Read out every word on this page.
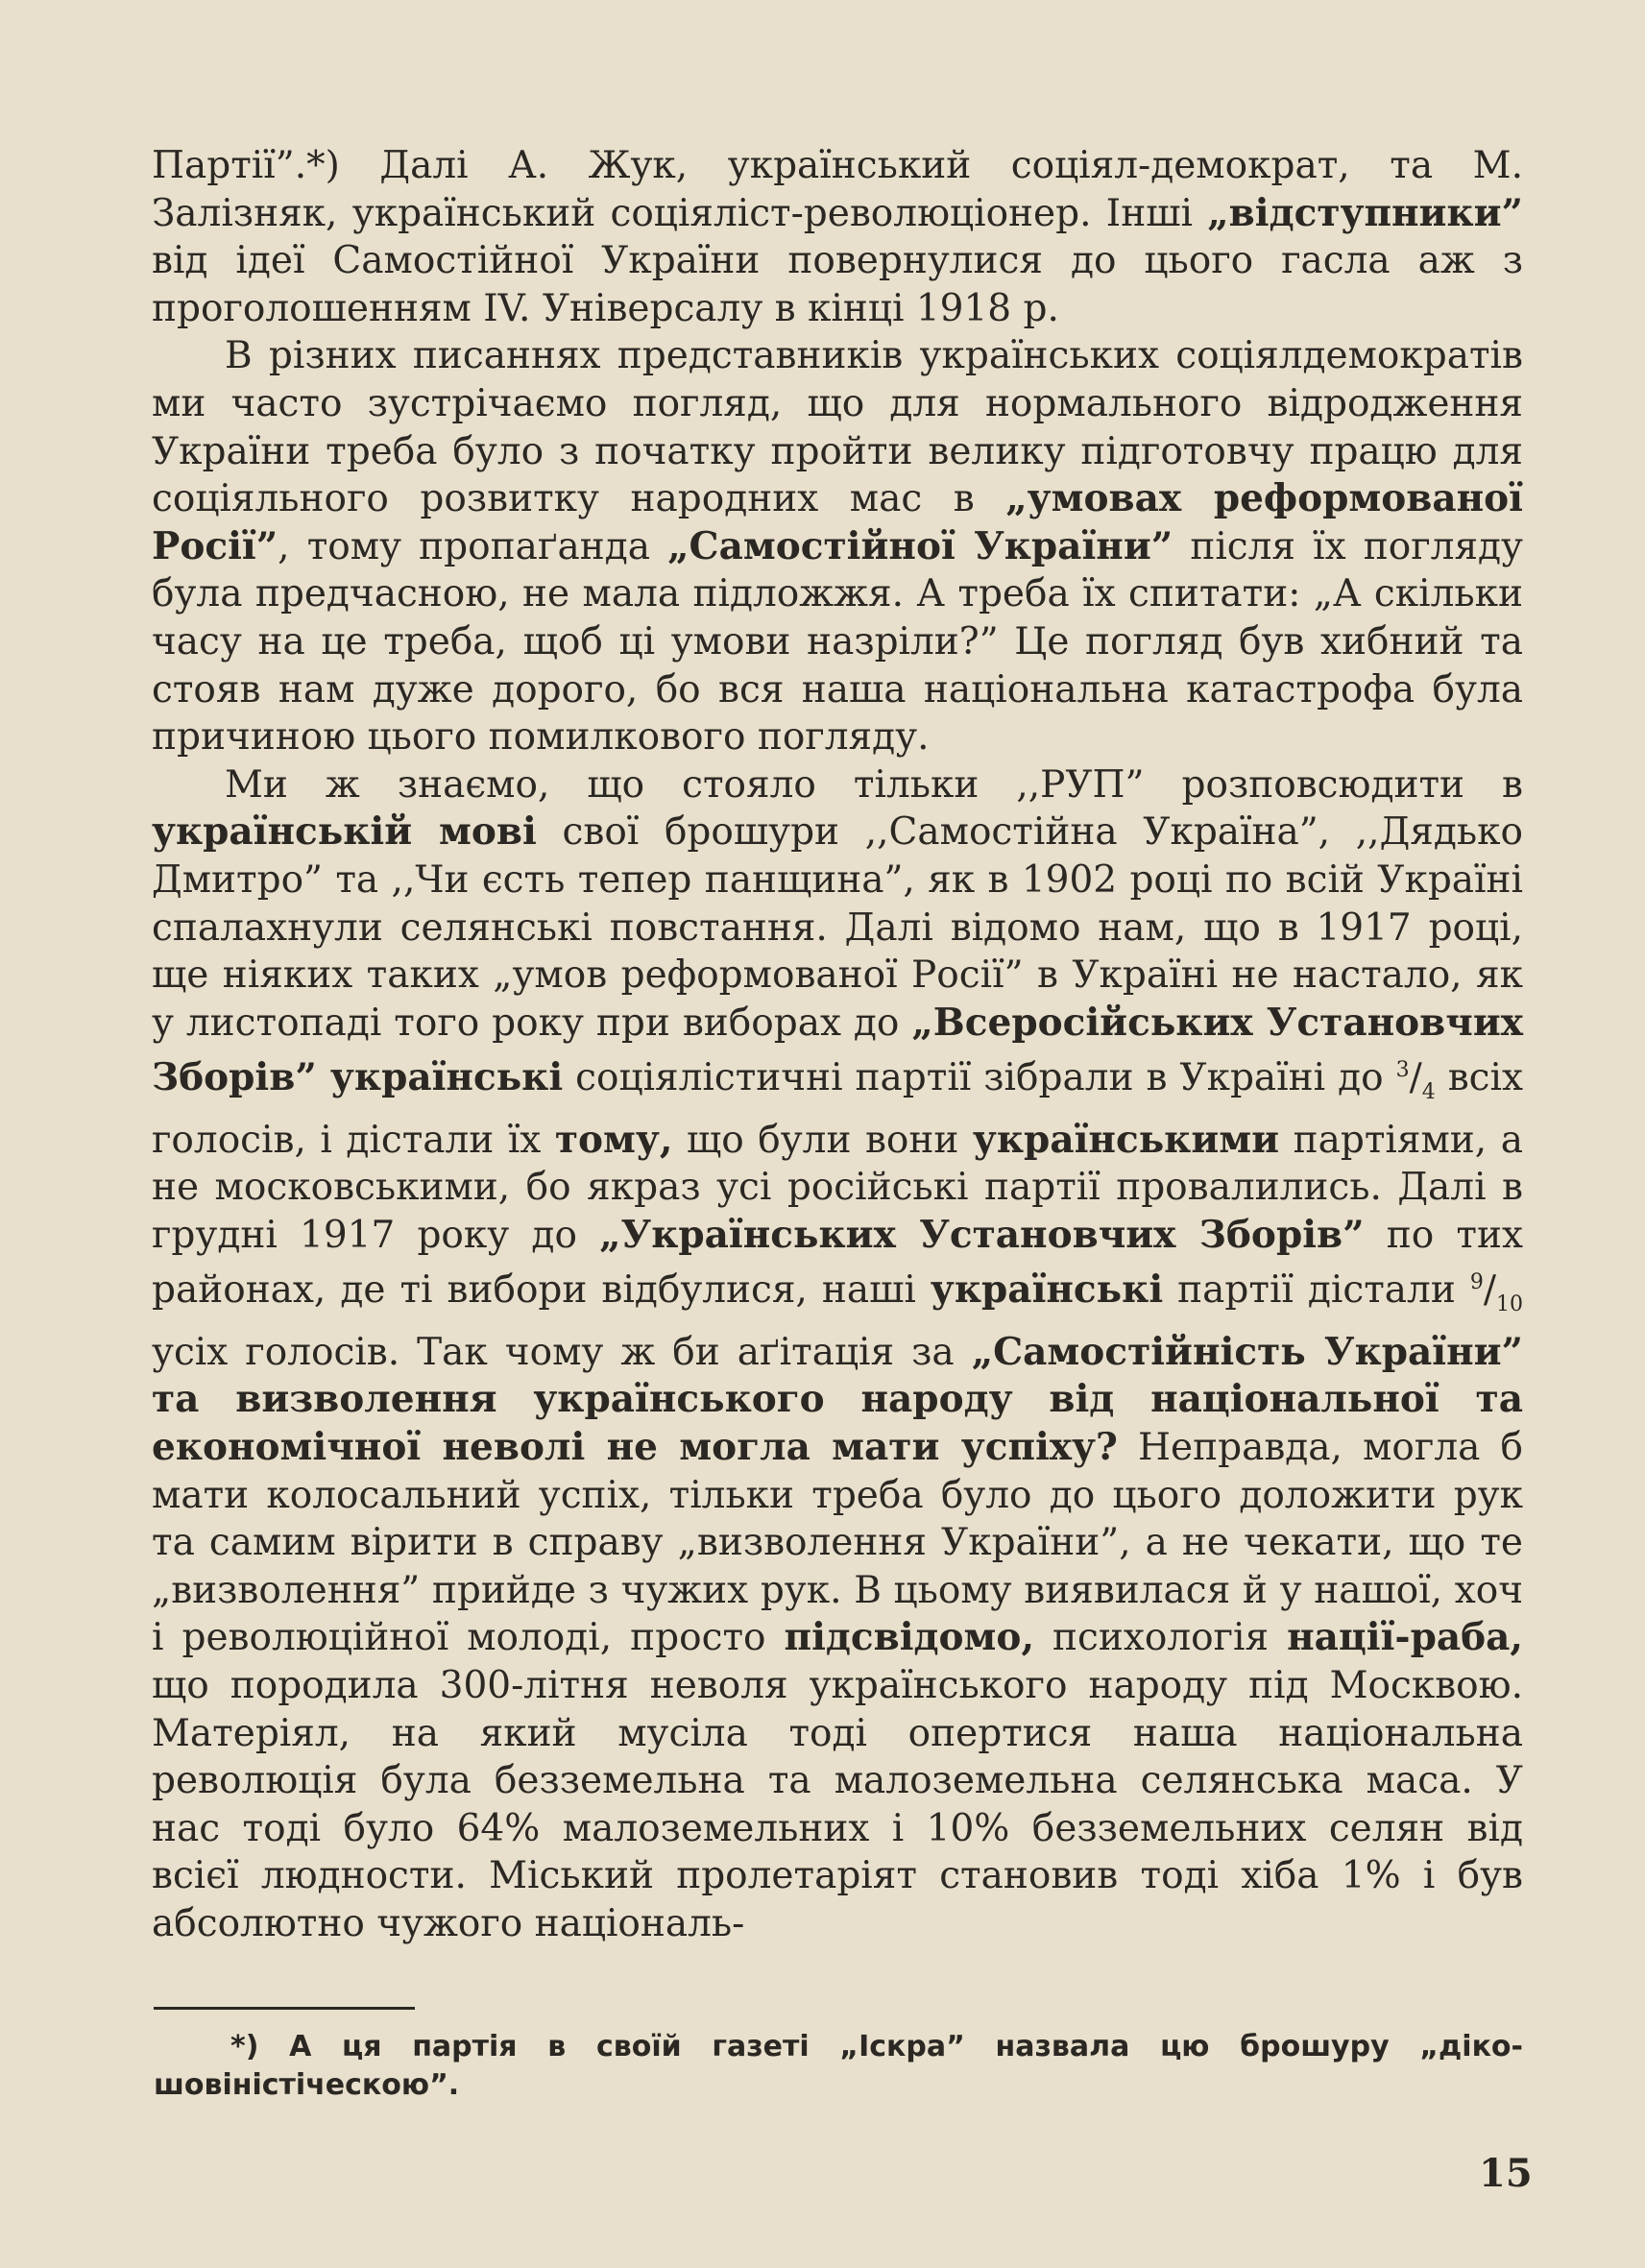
Партії”.*) Далі А. Жук, український соціял-демократ, та М. Залізняк, український соціяліст-революціонер. Інші „відступники” від ідеї Самостійної України повернулися до цього гасла аж з проголошенням IV. Універсалу в кінці 1918 р.

В різних писаннях представників українських соціялдемократів ми часто зустрічаємо погляд, що для нормального відродження України треба було з початку пройти велику підготовчу працю для соціяльного розвитку народних мас в „умовах реформованої Росії”, тому пропаґанда „Самостійної України” після їх погляду була предчасною, не мала підложжя. А треба їх спитати: „А скільки часу на це треба, щоб ці умови назріли?” Це погляд був хибний та стояв нам дуже дорого, бо вся наша національна катастрофа була причиною цього помилкового погляду.

Ми ж знаємо, що стояло тільки ,,РУП” розповсюдити в українській мові свої брошури ,,Самостійна Україна”, ,,Дядько Дмитро” та ,,Чи єсть тепер панщина”, як в 1902 році по всій Україні спалахнули селянські повстання. Далі відомо нам, що в 1917 році, ще ніяких таких „умов реформованої Росії” в Україні не настало, як у листопаді того року при виборах до „Всеросійських Установчих Зборів” українські соціялістичні партії зібрали в Україні до $^3/_4$ всіх голосів, і дістали їх тому, що були вони українськими партіями, а не московськими, бо якраз усі російські партії провалились. Далі в грудні 1917 року до „Українських Установчих Зборів” по тих районах, де ті вибори відбулися, наші українські партії дістали $^9/_{10}$ усіх голосів. Так чому ж би аґітація за „Самостійність України” та визволення українського народу від національної та економічної неволі не могла мати успіху? Неправда, могла б мати колосальний успіх, тільки треба було до цього доложити рук та самим вірити в справу „визволення України”, а не чекати, що те „визволення” прийде з чужих рук. В цьому виявилася й у нашої, хоч і революційної молоді, просто підсвідомо, психологія нації-раба, що породила 300-літня неволя українського народу під Москвою. Матеріял, на який мусіла тоді опертися наша національна революція була безземельна та малоземельна селянська маса. У нас тоді було 64% малоземельних і 10% безземельних селян від всієї людности. Міський пролетаріят становив тоді хіба 1% і був абсолютно чужого національ-

*) А ця партія в своїй газеті „Іскра” назвала цю брошуру „дікошовіністіческою”.
15
